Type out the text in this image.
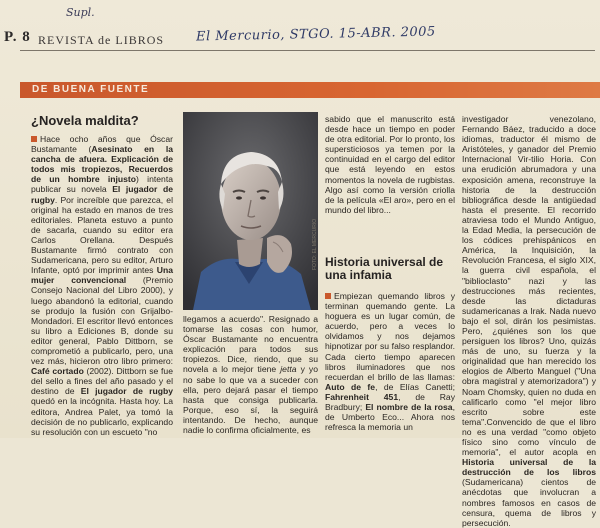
Supl.
P. 8 REVISTA de LIBROS El Mercurio, STGO. 15-ABR. 2005
DE BUENA FUENTE
¿Novela maldita?

Hace ocho años que Óscar Bustamante (Asesinato en la cancha de afuera. Explicación de todos mis tropiezos, Recuerdos de un hombre injusto) intenta publicar su novela El jugador de rugby. Por increíble que parezca, el original ha estado en manos de tres editoriales. Planeta estuvo a punto de sacarla, cuando su editor era Carlos Orellana. Después Bustamante firmó contrato con Sudamericana, pero su editor, Arturo Infante, optó por imprimir antes Una mujer convencional (Premio Consejo Nacional del Libro 2000), y luego abandonó la editorial, cuando se produjo la fusión con Grijalbo-Mondadori. El escritor llevó entonces su libro a Ediciones B, donde su editor general, Pablo Dittborn, se comprometió a publicarlo, pero, una vez más, hicieron otro libro primero: Café cortado (2002). Dittborn se fue del sello a fines del año pasado y el destino de El jugador de rugby quedó en la incógnita. Hasta hoy. La editora, Andrea Palet, ya tomó la decisión de no publicarlo, explicando su resolución con un escueto "no

llegamos a acuerdo". Resignado a tomarse las cosas con humor, Óscar Bustamante no encuentra explicación para todos sus tropiezos. Dice, riendo, que su novela a lo mejor tiene jetta y yo no sabe lo que va a suceder con ella, pero dejará pasar el tiempo hasta que consiga publicarla. Porque, eso sí, la seguirá intentando. De hecho, aunque nadie lo confirma oficialmente, es

sabido que el manuscrito está desde hace un tiempo en poder de otra editorial. Por lo pronto, los supersticiosos ya temen por la continuidad en el cargo del editor que está leyendo en estos momentos la novela de rugbistas. Algo así como la versión criolla de la película «El aro», pero en el mundo del libro...

FOTO: EL MERCURIO Historia universal de una infamia

Empiezan quemando libros y terminan quemando gente. La hoguera es un lugar común, de acuerdo, pero a veces lo olvidamos y nos dejamos hipnotizar por su falso resplandor. Cada cierto tiempo aparecen libros iluminadores que nos recuerdan el brillo de las llamas: Auto de fe, de Elías Canetti; Fahrenheit 451, de Ray Bradbury; El nombre de la rosa, de Umberto Eco... Ahora nos refresca la memoria un

investigador venezolano, Fernando Báez, traducido a doce idiomas, traductor él mismo de Aristóteles, y ganador del Premio Internacional Vir-tilio Horia. Con una erudición abrumadora y una exposición amena, reconstruye la historia de la destrucción bibliográfica desde la antigüedad hasta el presente. El recorrido atraviesa todo el Mundo Antiguo, la Edad Media, la persecución de los códices prehispánicos en América, la Inquisición, la Revolución Francesa, el siglo XIX, la guerra civil española, el "biblioclasto" nazi y las destrucciones más recientes, desde las dictaduras sudamericanas a Irak. Nada nuevo bajo el sol, dirán los pesimistas. Pero, ¿quiénes son los que persiguen los libros? Uno, quizás más de uno, su fuerza y la originalidad que han merecido los elogios de Alberto Manguel ("Una obra magistral y atemorizadora") y Noam Chomsky, quien no duda en calificarlo como "el mejor libro escrito sobre este tema".Convencido de que el libro no es una verdad "como objeto físico sino como vínculo de memoria", el autor acopla en Historia universal de la destrucción de los libros (Sudamericana) cientos de anécdotas que involucran a nombres famosos en casos de censura, quema de libros y persecución.
